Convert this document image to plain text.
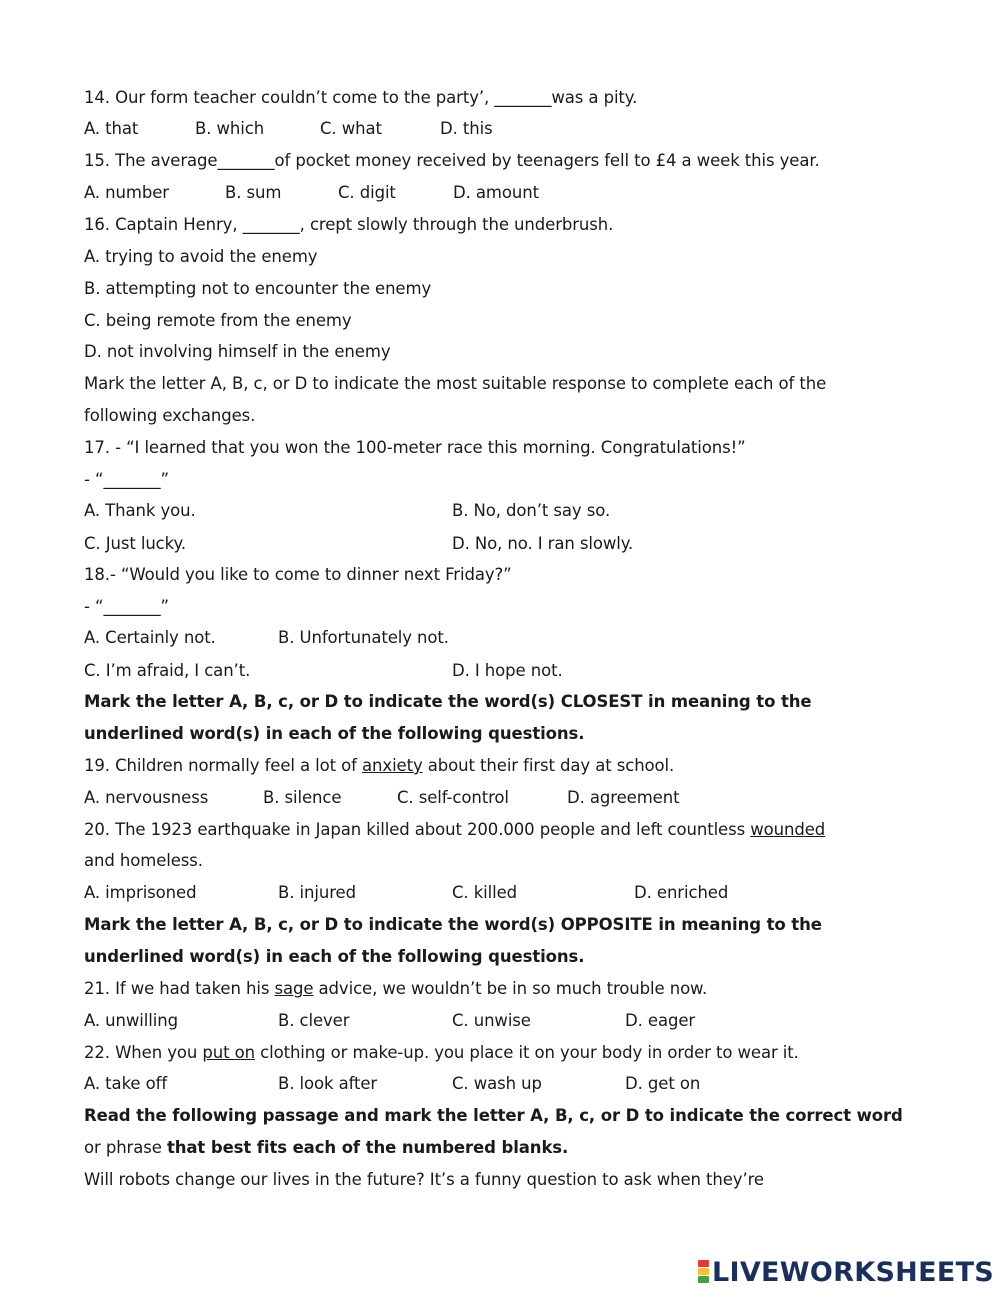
14. Our form teacher couldn’t come to the party’, _______was a pity.
A. that	B. which	C. what	D. this
15. The average_______of pocket money received by teenagers fell to £4 a week this year.
A. number	B. sum	C. digit	D. amount
16. Captain Henry, _______, crept slowly through the underbrush.
A. trying to avoid the enemy
B. attempting not to encounter the enemy
C. being remote from the enemy
D. not involving himself in the enemy
Mark the letter A, B, c, or D to indicate the most suitable response to complete each of the
following exchanges.
17. - “I learned that you won the 100-meter race this morning. Congratulations!”
- “_______”
A. Thank you.	B. No, don’t say so.
C. Just lucky.	D. No, no. I ran slowly.
18.- “Would you like to come to dinner next Friday?”
- “_______”
A. Certainly not.	B. Unfortunately not.
C. I’m afraid, I can’t.	D. I hope not.
Mark the letter A, B, c, or D to indicate the word(s) CLOSEST in meaning to the
underlined word(s) in each of the following questions.
19. Children normally feel a lot of anxiety about their first day at school.
A. nervousness	B. silence	C. self-control	D. agreement
20. The 1923 earthquake in Japan killed about 200.000 people and left countless wounded
and homeless.
A. imprisoned	B. injured	C. killed	D. enriched
Mark the letter A, B, c, or D to indicate the word(s) OPPOSITE in meaning to the
underlined word(s) in each of the following questions.
21. If we had taken his sage advice, we wouldn’t be in so much trouble now.
A. unwilling	B. clever	C. unwise	D. eager
22. When you put on clothing or make-up. you place it on your body in order to wear it.
A. take off	B. look after	C. wash up	D. get on
Read the following passage and mark the letter A, B, c, or D to indicate the correct word
or phrase that best fits each of the numbered blanks.
Will robots change our lives in the future? It’s a funny question to ask when they’re
LIVEWORKSHEETS
